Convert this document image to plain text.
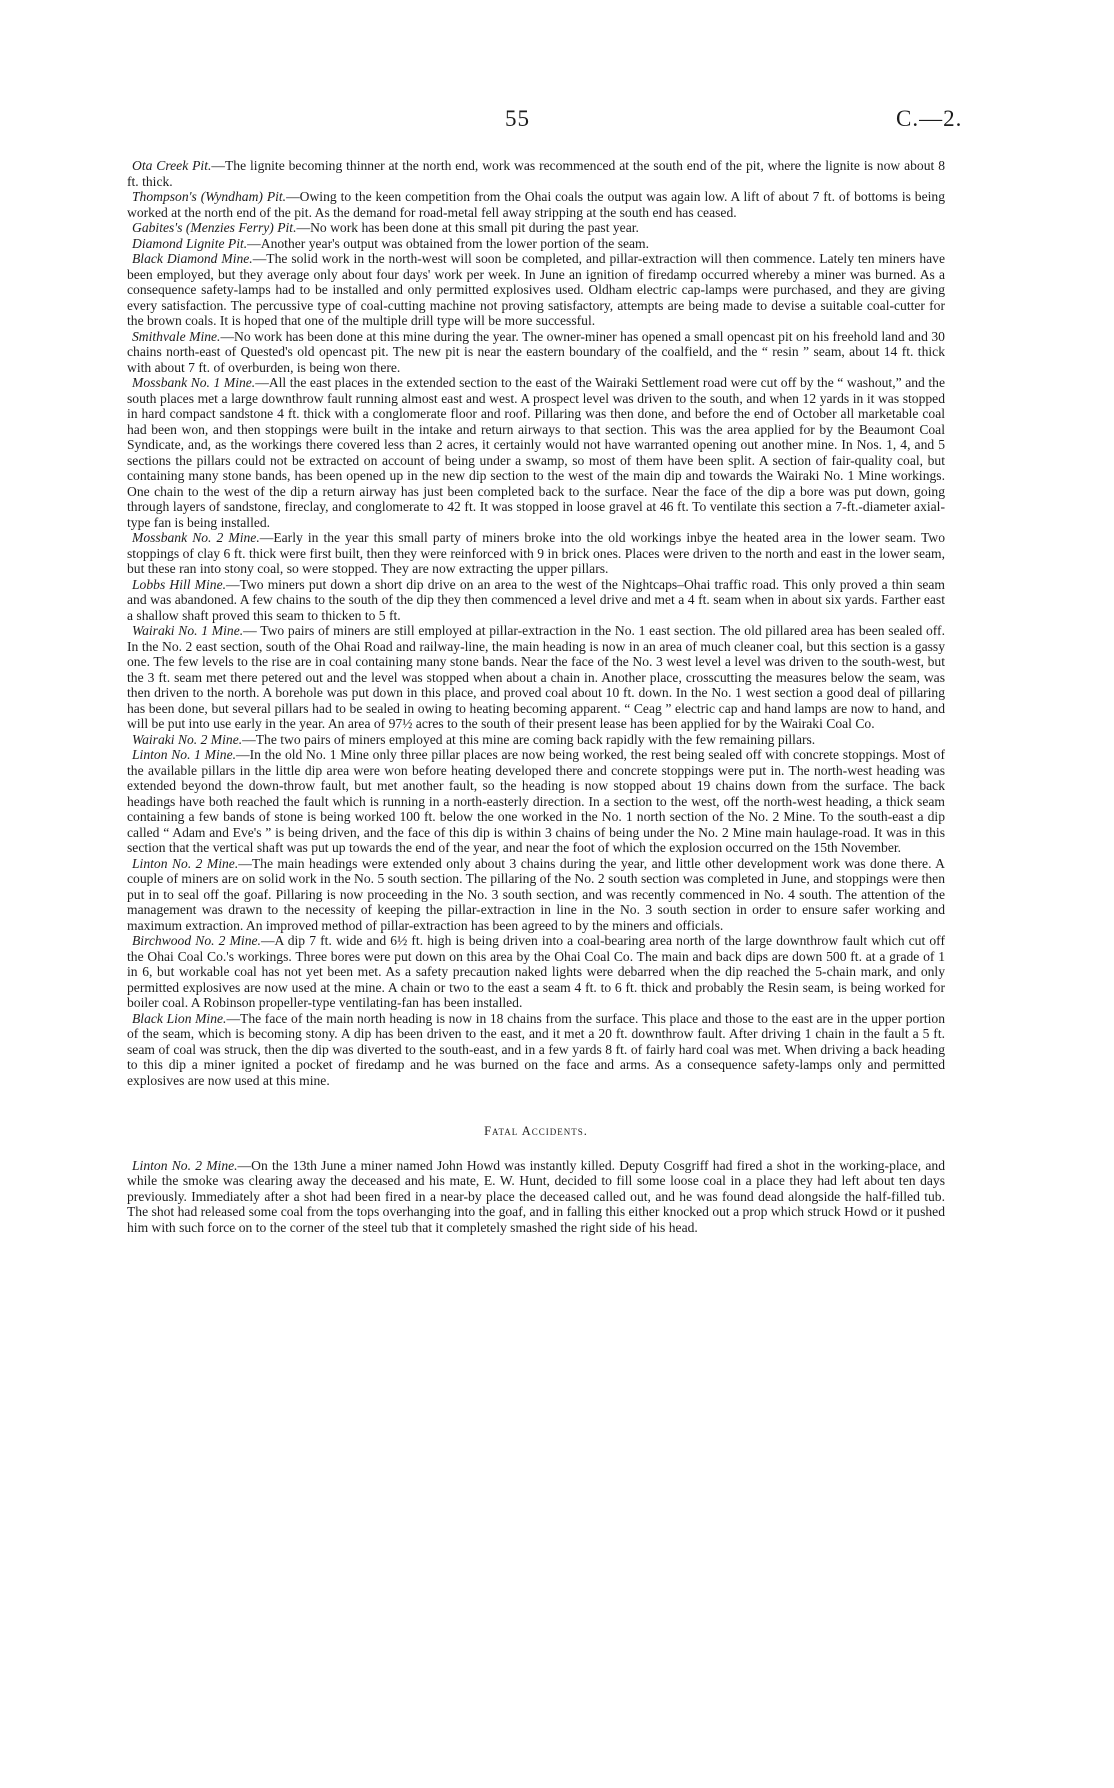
55	C.—2.

Ota Creek Pit.—The lignite becoming thinner at the north end, work was recommenced at the south end of the pit, where the lignite is now about 8 ft. thick.

Thompson's (Wyndham) Pit.—Owing to the keen competition from the Ohai coals the output was again low. A lift of about 7 ft. of bottoms is being worked at the north end of the pit. As the demand for road-metal fell away stripping at the south end has ceased.

Gabites's (Menzies Ferry) Pit.—No work has been done at this small pit during the past year.

Diamond Lignite Pit.—Another year's output was obtained from the lower portion of the seam.

Black Diamond Mine.—The solid work in the north-west will soon be completed, and pillar-extraction will then commence. Lately ten miners have been employed, but they average only about four days' work per week. In June an ignition of firedamp occurred whereby a miner was burned. As a consequence safety-lamps had to be installed and only permitted explosives used. Oldham electric cap-lamps were purchased, and they are giving every satisfaction. The percussive type of coal-cutting machine not proving satisfactory, attempts are being made to devise a suitable coal-cutter for the brown coals. It is hoped that one of the multiple drill type will be more successful.

Smithvale Mine.—No work has been done at this mine during the year. The owner-miner has opened a small opencast pit on his freehold land and 30 chains north-east of Quested's old opencast pit. The new pit is near the eastern boundary of the coalfield, and the “ resin ” seam, about 14 ft. thick with about 7 ft. of overburden, is being won there.

Mossbank No. 1 Mine.—All the east places in the extended section to the east of the Wairaki Settlement road were cut off by the “ washout,” and the south places met a large downthrow fault running almost east and west. A prospect level was driven to the south, and when 12 yards in it was stopped in hard compact sandstone 4 ft. thick with a conglomerate floor and roof. Pillaring was then done, and before the end of October all marketable coal had been won, and then stoppings were built in the intake and return airways to that section. This was the area applied for by the Beaumont Coal Syndicate, and, as the workings there covered less than 2 acres, it certainly would not have warranted opening out another mine. In Nos. 1, 4, and 5 sections the pillars could not be extracted on account of being under a swamp, so most of them have been split. A section of fair-quality coal, but containing many stone bands, has been opened up in the new dip section to the west of the main dip and towards the Wairaki No. 1 Mine workings. One chain to the west of the dip a return airway has just been completed back to the surface. Near the face of the dip a bore was put down, going through layers of sandstone, fireclay, and conglomerate to 42 ft. It was stopped in loose gravel at 46 ft. To ventilate this section a 7-ft.-diameter axial-type fan is being installed.

Mossbank No. 2 Mine.—Early in the year this small party of miners broke into the old workings inbye the heated area in the lower seam. Two stoppings of clay 6 ft. thick were first built, then they were reinforced with 9 in brick ones. Places were driven to the north and east in the lower seam, but these ran into stony coal, so were stopped. They are now extracting the upper pillars.

Lobbs Hill Mine.—Two miners put down a short dip drive on an area to the west of the Nightcaps–Ohai traffic road. This only proved a thin seam and was abandoned. A few chains to the south of the dip they then commenced a level drive and met a 4 ft. seam when in about six yards. Farther east a shallow shaft proved this seam to thicken to 5 ft.

Wairaki No. 1 Mine.— Two pairs of miners are still employed at pillar-extraction in the No. 1 east section. The old pillared area has been sealed off. In the No. 2 east section, south of the Ohai Road and railway-line, the main heading is now in an area of much cleaner coal, but this section is a gassy one. The few levels to the rise are in coal containing many stone bands. Near the face of the No. 3 west level a level was driven to the south-west, but the 3 ft. seam met there petered out and the level was stopped when about a chain in. Another place, crosscutting the measures below the seam, was then driven to the north. A borehole was put down in this place, and proved coal about 10 ft. down. In the No. 1 west section a good deal of pillaring has been done, but several pillars had to be sealed in owing to heating becoming apparent. “ Ceag ” electric cap and hand lamps are now to hand, and will be put into use early in the year. An area of 97½ acres to the south of their present lease has been applied for by the Wairaki Coal Co.

Wairaki No. 2 Mine.—The two pairs of miners employed at this mine are coming back rapidly with the few remaining pillars.

Linton No. 1 Mine.—In the old No. 1 Mine only three pillar places are now being worked, the rest being sealed off with concrete stoppings. Most of the available pillars in the little dip area were won before heating developed there and concrete stoppings were put in. The north-west heading was extended beyond the down-throw fault, but met another fault, so the heading is now stopped about 19 chains down from the surface. The back headings have both reached the fault which is running in a north-easterly direction. In a section to the west, off the north-west heading, a thick seam containing a few bands of stone is being worked 100 ft. below the one worked in the No. 1 north section of the No. 2 Mine. To the south-east a dip called “ Adam and Eve's ” is being driven, and the face of this dip is within 3 chains of being under the No. 2 Mine main haulage-road. It was in this section that the vertical shaft was put up towards the end of the year, and near the foot of which the explosion occurred on the 15th November.

Linton No. 2 Mine.—The main headings were extended only about 3 chains during the year, and little other development work was done there. A couple of miners are on solid work in the No. 5 south section. The pillaring of the No. 2 south section was completed in June, and stoppings were then put in to seal off the goaf. Pillaring is now proceeding in the No. 3 south section, and was recently commenced in No. 4 south. The attention of the management was drawn to the necessity of keeping the pillar-extraction in line in the No. 3 south section in order to ensure safer working and maximum extraction. An improved method of pillar-extraction has been agreed to by the miners and officials.

Birchwood No. 2 Mine.—A dip 7 ft. wide and 6½ ft. high is being driven into a coal-bearing area north of the large downthrow fault which cut off the Ohai Coal Co.'s workings. Three bores were put down on this area by the Ohai Coal Co. The main and back dips are down 500 ft. at a grade of 1 in 6, but workable coal has not yet been met. As a safety precaution naked lights were debarred when the dip reached the 5-chain mark, and only permitted explosives are now used at the mine. A chain or two to the east a seam 4 ft. to 6 ft. thick and probably the Resin seam, is being worked for boiler coal. A Robinson propeller-type ventilating-fan has been installed.

Black Lion Mine.—The face of the main north heading is now in 18 chains from the surface. This place and those to the east are in the upper portion of the seam, which is becoming stony. A dip has been driven to the east, and it met a 20 ft. downthrow fault. After driving 1 chain in the fault a 5 ft. seam of coal was struck, then the dip was diverted to the south-east, and in a few yards 8 ft. of fairly hard coal was met. When driving a back heading to this dip a miner ignited a pocket of firedamp and he was burned on the face and arms. As a consequence safety-lamps only and permitted explosives are now used at this mine.

Fatal Accidents.

Linton No. 2 Mine.—On the 13th June a miner named John Howd was instantly killed. Deputy Cosgriff had fired a shot in the working-place, and while the smoke was clearing away the deceased and his mate, E. W. Hunt, decided to fill some loose coal in a place they had left about ten days previously. Immediately after a shot had been fired in a near-by place the deceased called out, and he was found dead alongside the half-filled tub. The shot had released some coal from the tops overhanging into the goaf, and in falling this either knocked out a prop which struck Howd or it pushed him with such force on to the corner of the steel tub that it completely smashed the right side of his head.
